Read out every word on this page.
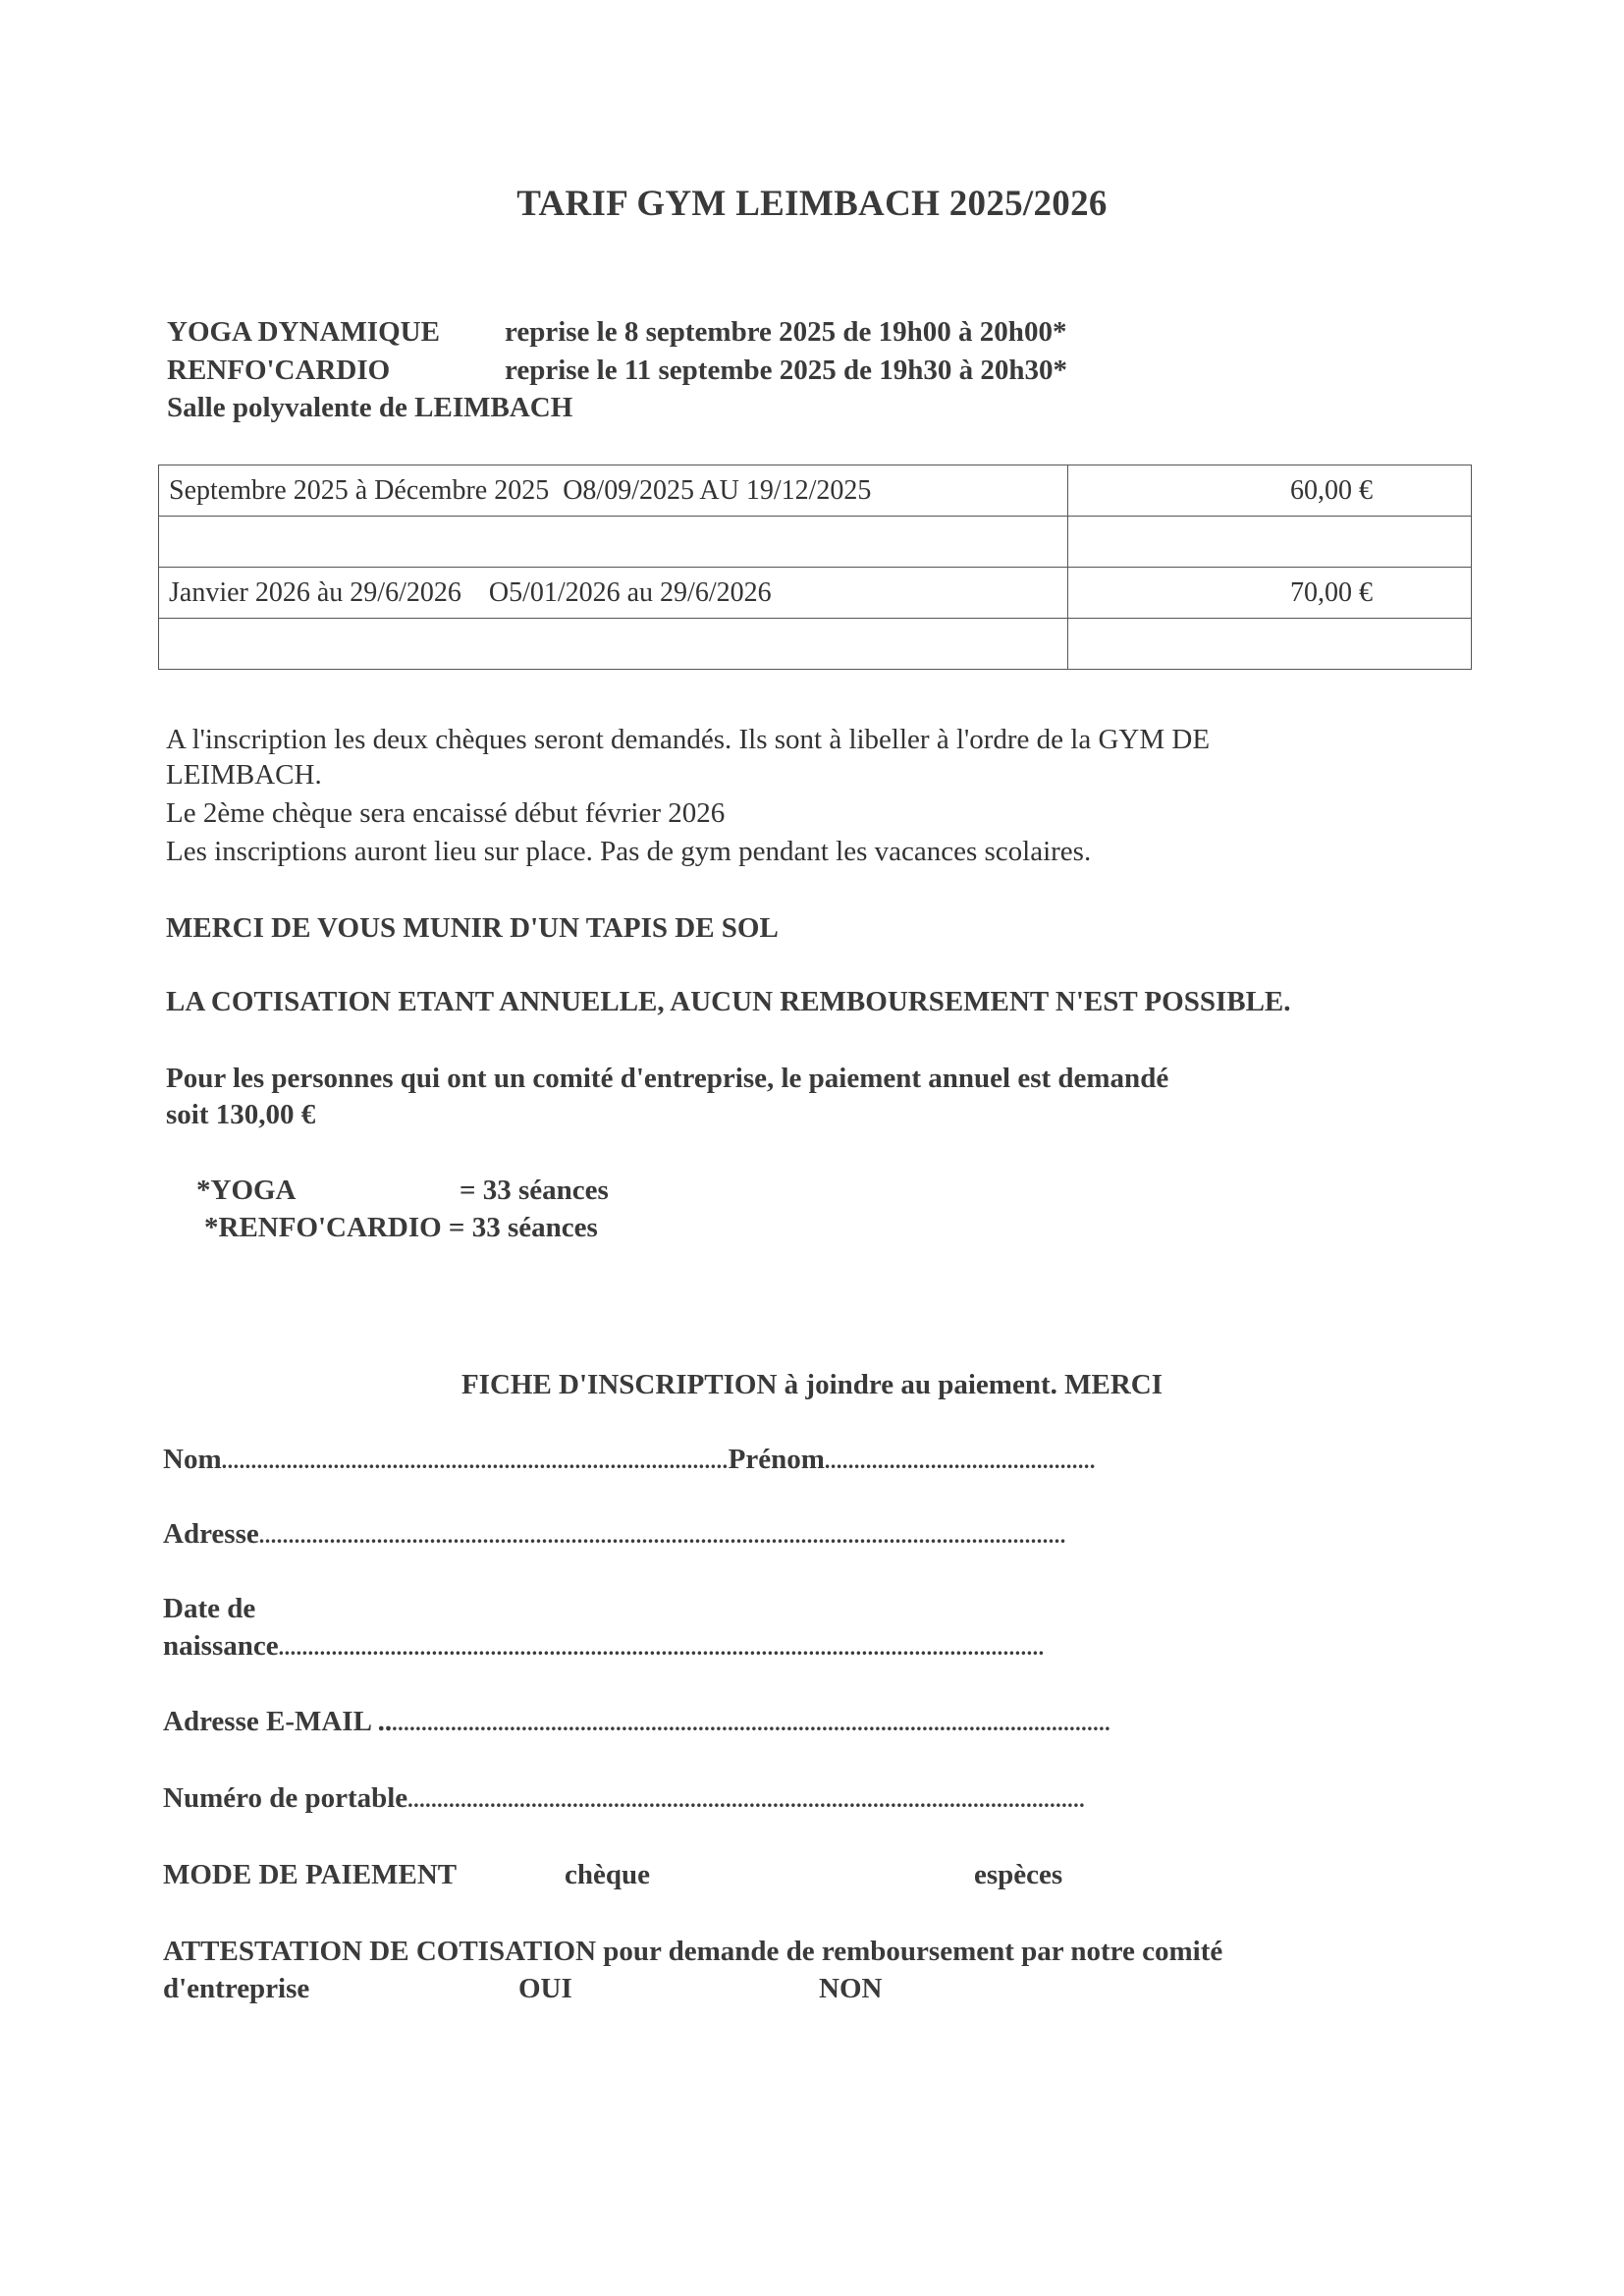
TARIF GYM LEIMBACH 2025/2026
YOGA DYNAMIQUE reprise le 8 septembre 2025 de 19h00 à 20h00*
RENFO'CARDIO	reprise le 11 septembe 2025 de 19h30 à 20h30*
Salle polyvalente de LEIMBACH
Septembre 2025 à Décembre 2025  O8/09/2025 AU 19/12/2025	60,00 €

Janvier 2026 àu 29/6/2026    O5/01/2026 au 29/6/2026	70,00 €

A l'inscription les deux chèques seront demandés. Ils sont à libeller à l'ordre de la GYM DE
LEIMBACH.
Le 2ème chèque sera encaissé début février 2026
Les inscriptions auront lieu sur place. Pas de gym pendant les vacances scolaires.
MERCI DE VOUS MUNIR D'UN TAPIS DE SOL
LA COTISATION ETANT ANNUELLE, AUCUN REMBOURSEMENT N'EST POSSIBLE.
Pour les personnes qui ont un comité d'entreprise, le paiement annuel est demandé
soit 130,00 €
*YOGA	= 33 séances
*RENFO'CARDIO = 33 séances
FICHE D'INSCRIPTION à joindre au paiement. MERCI
Nom......................................................................................Prénom..............................................
Adresse.........................................................................................................................................
Date de
naissance..................................................................................................................................
Adresse E-MAIL ............................................................................................................................
Numéro de portable...................................................................................................................
MODE DE PAIEMENT	chèque	espèces
ATTESTATION DE COTISATION pour demande de remboursement par notre comité
d'entreprise	OUI	NON
